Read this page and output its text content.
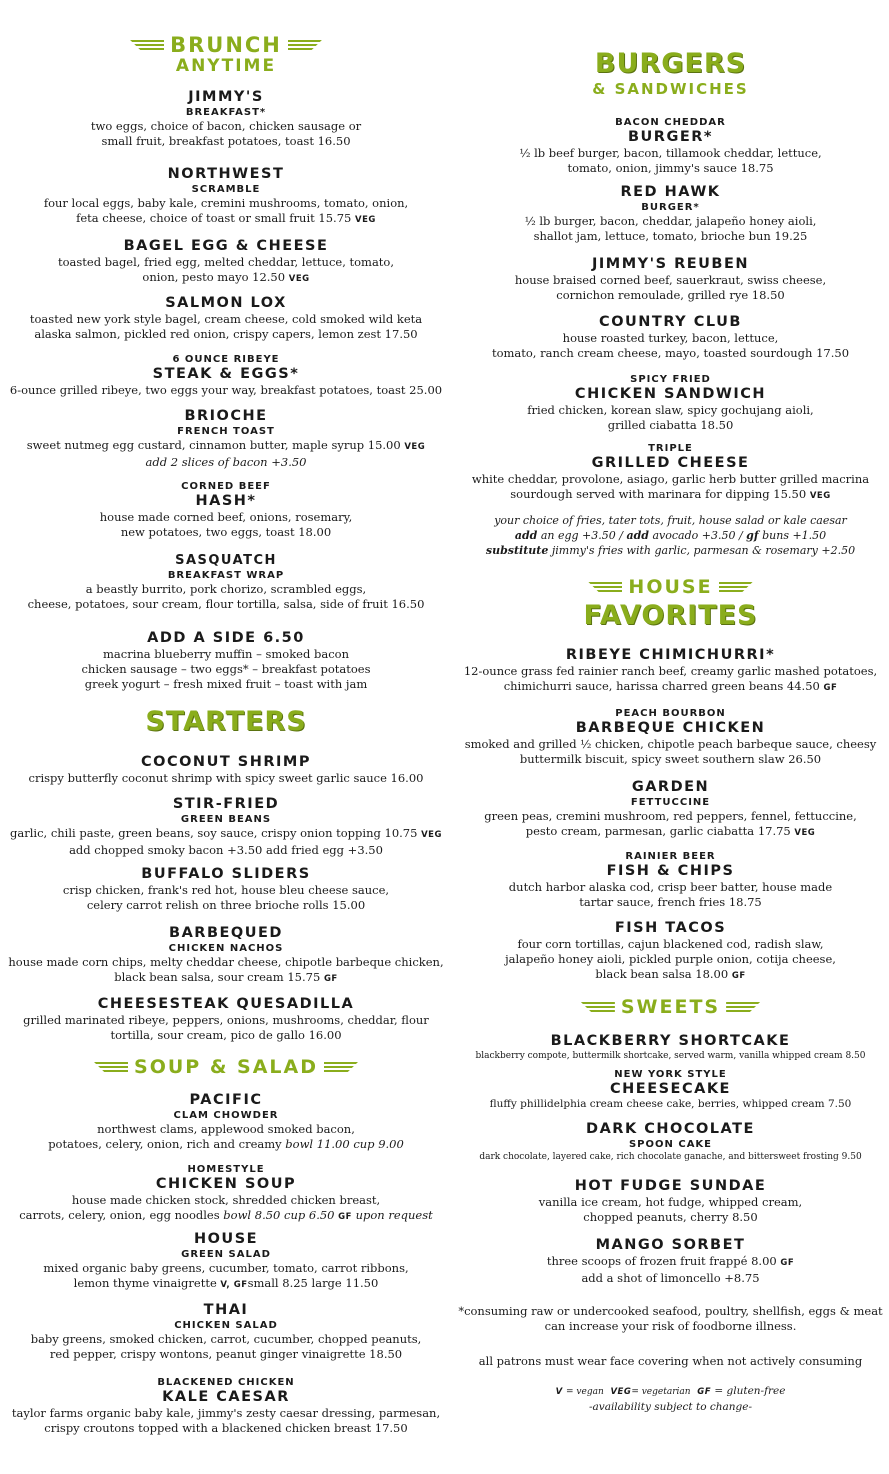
BRUNCH
ANYTIME
JIMMY'S
BREAKFAST*
two eggs, choice of bacon, chicken sausage or
small fruit, breakfast potatoes, toast 16.50
NORTHWEST
SCRAMBLE
four local eggs, baby kale, cremini mushrooms, tomato, onion,
feta cheese, choice of toast or small fruit 15.75 VEG
BAGEL EGG & CHEESE
toasted bagel, fried egg, melted cheddar, lettuce, tomato,
onion, pesto mayo 12.50 VEG
SALMON LOX
toasted new york style bagel, cream cheese, cold smoked wild keta
alaska salmon, pickled red onion, crispy capers, lemon zest 17.50
6 OUNCE RIBEYE
STEAK & EGGS*
6-ounce grilled ribeye, two eggs your way, breakfast potatoes, toast 25.00
BRIOCHE
FRENCH TOAST
sweet nutmeg egg custard, cinnamon butter, maple syrup 15.00 VEG
add 2 slices of bacon +3.50
CORNED BEEF
HASH*
house made corned beef, onions, rosemary,
new potatoes, two eggs, toast 18.00
SASQUATCH
BREAKFAST WRAP
a beastly burrito, pork chorizo, scrambled eggs,
cheese, potatoes, sour cream, flour tortilla, salsa, side of fruit 16.50
ADD A SIDE 6.50
macrina blueberry muffin – smoked bacon
chicken sausage – two eggs* – breakfast potatoes
greek yogurt – fresh mixed fruit – toast with jam
STARTERS
COCONUT SHRIMP
crispy butterfly coconut shrimp with spicy sweet garlic sauce 16.00
STIR-FRIED
GREEN BEANS
garlic, chili paste, green beans, soy sauce, crispy onion topping 10.75 VEG
add chopped smoky bacon +3.50 add fried egg +3.50
BUFFALO SLIDERS
crisp chicken, frank's red hot, house bleu cheese sauce,
celery carrot relish on three brioche rolls 15.00
BARBEQUED
CHICKEN NACHOS
house made corn chips, melty cheddar cheese, chipotle barbeque chicken,
black bean salsa, sour cream 15.75 GF
CHEESESTEAK QUESADILLA
grilled marinated ribeye, peppers, onions, mushrooms, cheddar, flour
tortilla, sour cream, pico de gallo 16.00
SOUP & SALAD
PACIFIC
CLAM CHOWDER
northwest clams, applewood smoked bacon,
potatoes, celery, onion, rich and creamy bowl 11.00 cup 9.00
HOMESTYLE
CHICKEN SOUP
house made chicken stock, shredded chicken breast,
carrots, celery, onion, egg noodles bowl 8.50 cup 6.50 GF upon request
HOUSE
GREEN SALAD
mixed organic baby greens, cucumber, tomato, carrot ribbons,
lemon thyme vinaigrette V, GFsmall 8.25 large 11.50
THAI
CHICKEN SALAD
baby greens, smoked chicken, carrot, cucumber, chopped peanuts,
red pepper, crispy wontons, peanut ginger vinaigrette 18.50
BLACKENED CHICKEN
KALE CAESAR
taylor farms organic baby kale, jimmy's zesty caesar dressing, parmesan,
crispy croutons topped with a blackened chicken breast 17.50
BURGERS
& SANDWICHES
BACON CHEDDAR
BURGER*
½ lb beef burger, bacon, tillamook cheddar, lettuce,
tomato, onion, jimmy's sauce 18.75
RED HAWK
BURGER*
½ lb burger, bacon, cheddar, jalapeño honey aioli,
shallot jam, lettuce, tomato, brioche bun 19.25
JIMMY'S REUBEN
house braised corned beef, sauerkraut, swiss cheese,
cornichon remoulade, grilled rye 18.50
COUNTRY CLUB
house roasted turkey, bacon, lettuce,
tomato, ranch cream cheese, mayo, toasted sourdough 17.50
SPICY FRIED
CHICKEN SANDWICH
fried chicken, korean slaw, spicy gochujang aioli,
grilled ciabatta 18.50
TRIPLE
GRILLED CHEESE
white cheddar, provolone, asiago, garlic herb butter grilled macrina
sourdough served with marinara for dipping 15.50 VEG
your choice of fries, tater tots, fruit, house salad or kale caesar
add an egg +3.50 / add avocado +3.50 / gf buns +1.50
substitute jimmy's fries with garlic, parmesan & rosemary +2.50
HOUSE
FAVORITES
RIBEYE CHIMICHURRI*
12-ounce grass fed rainier ranch beef, creamy garlic mashed potatoes,
chimichurri sauce, harissa charred green beans 44.50 GF
PEACH BOURBON
BARBEQUE CHICKEN
smoked and grilled ½ chicken, chipotle peach barbeque sauce, cheesy
buttermilk biscuit, spicy sweet southern slaw 26.50
GARDEN
FETTUCCINE
green peas, cremini mushroom, red peppers, fennel, fettuccine,
pesto cream, parmesan, garlic ciabatta 17.75 VEG
RAINIER BEER
FISH & CHIPS
dutch harbor alaska cod, crisp beer batter, house made
tartar sauce, french fries 18.75
FISH TACOS
four corn tortillas, cajun blackened cod, radish slaw,
jalapeño honey aioli, pickled purple onion, cotija cheese,
black bean salsa 18.00 GF
SWEETS
BLACKBERRY SHORTCAKE
blackberry compote, buttermilk shortcake, served warm, vanilla whipped cream 8.50
NEW YORK STYLE
CHEESECAKE
fluffy phillidelphia cream cheese cake, berries, whipped cream 7.50
DARK CHOCOLATE
SPOON CAKE
dark chocolate, layered cake, rich chocolate ganache, and bittersweet frosting 9.50
HOT FUDGE SUNDAE
vanilla ice cream, hot fudge, whipped cream,
chopped peanuts, cherry 8.50
MANGO SORBET
three scoops of frozen fruit frappé 8.00 GF
add a shot of limoncello +8.75
*consuming raw or undercooked seafood, poultry, shellfish, eggs & meat
can increase your risk of foodborne illness.
all patrons must wear face covering when not actively consuming
V = vegan VEG= vegetarian GF = gluten-free
-availability subject to change-
